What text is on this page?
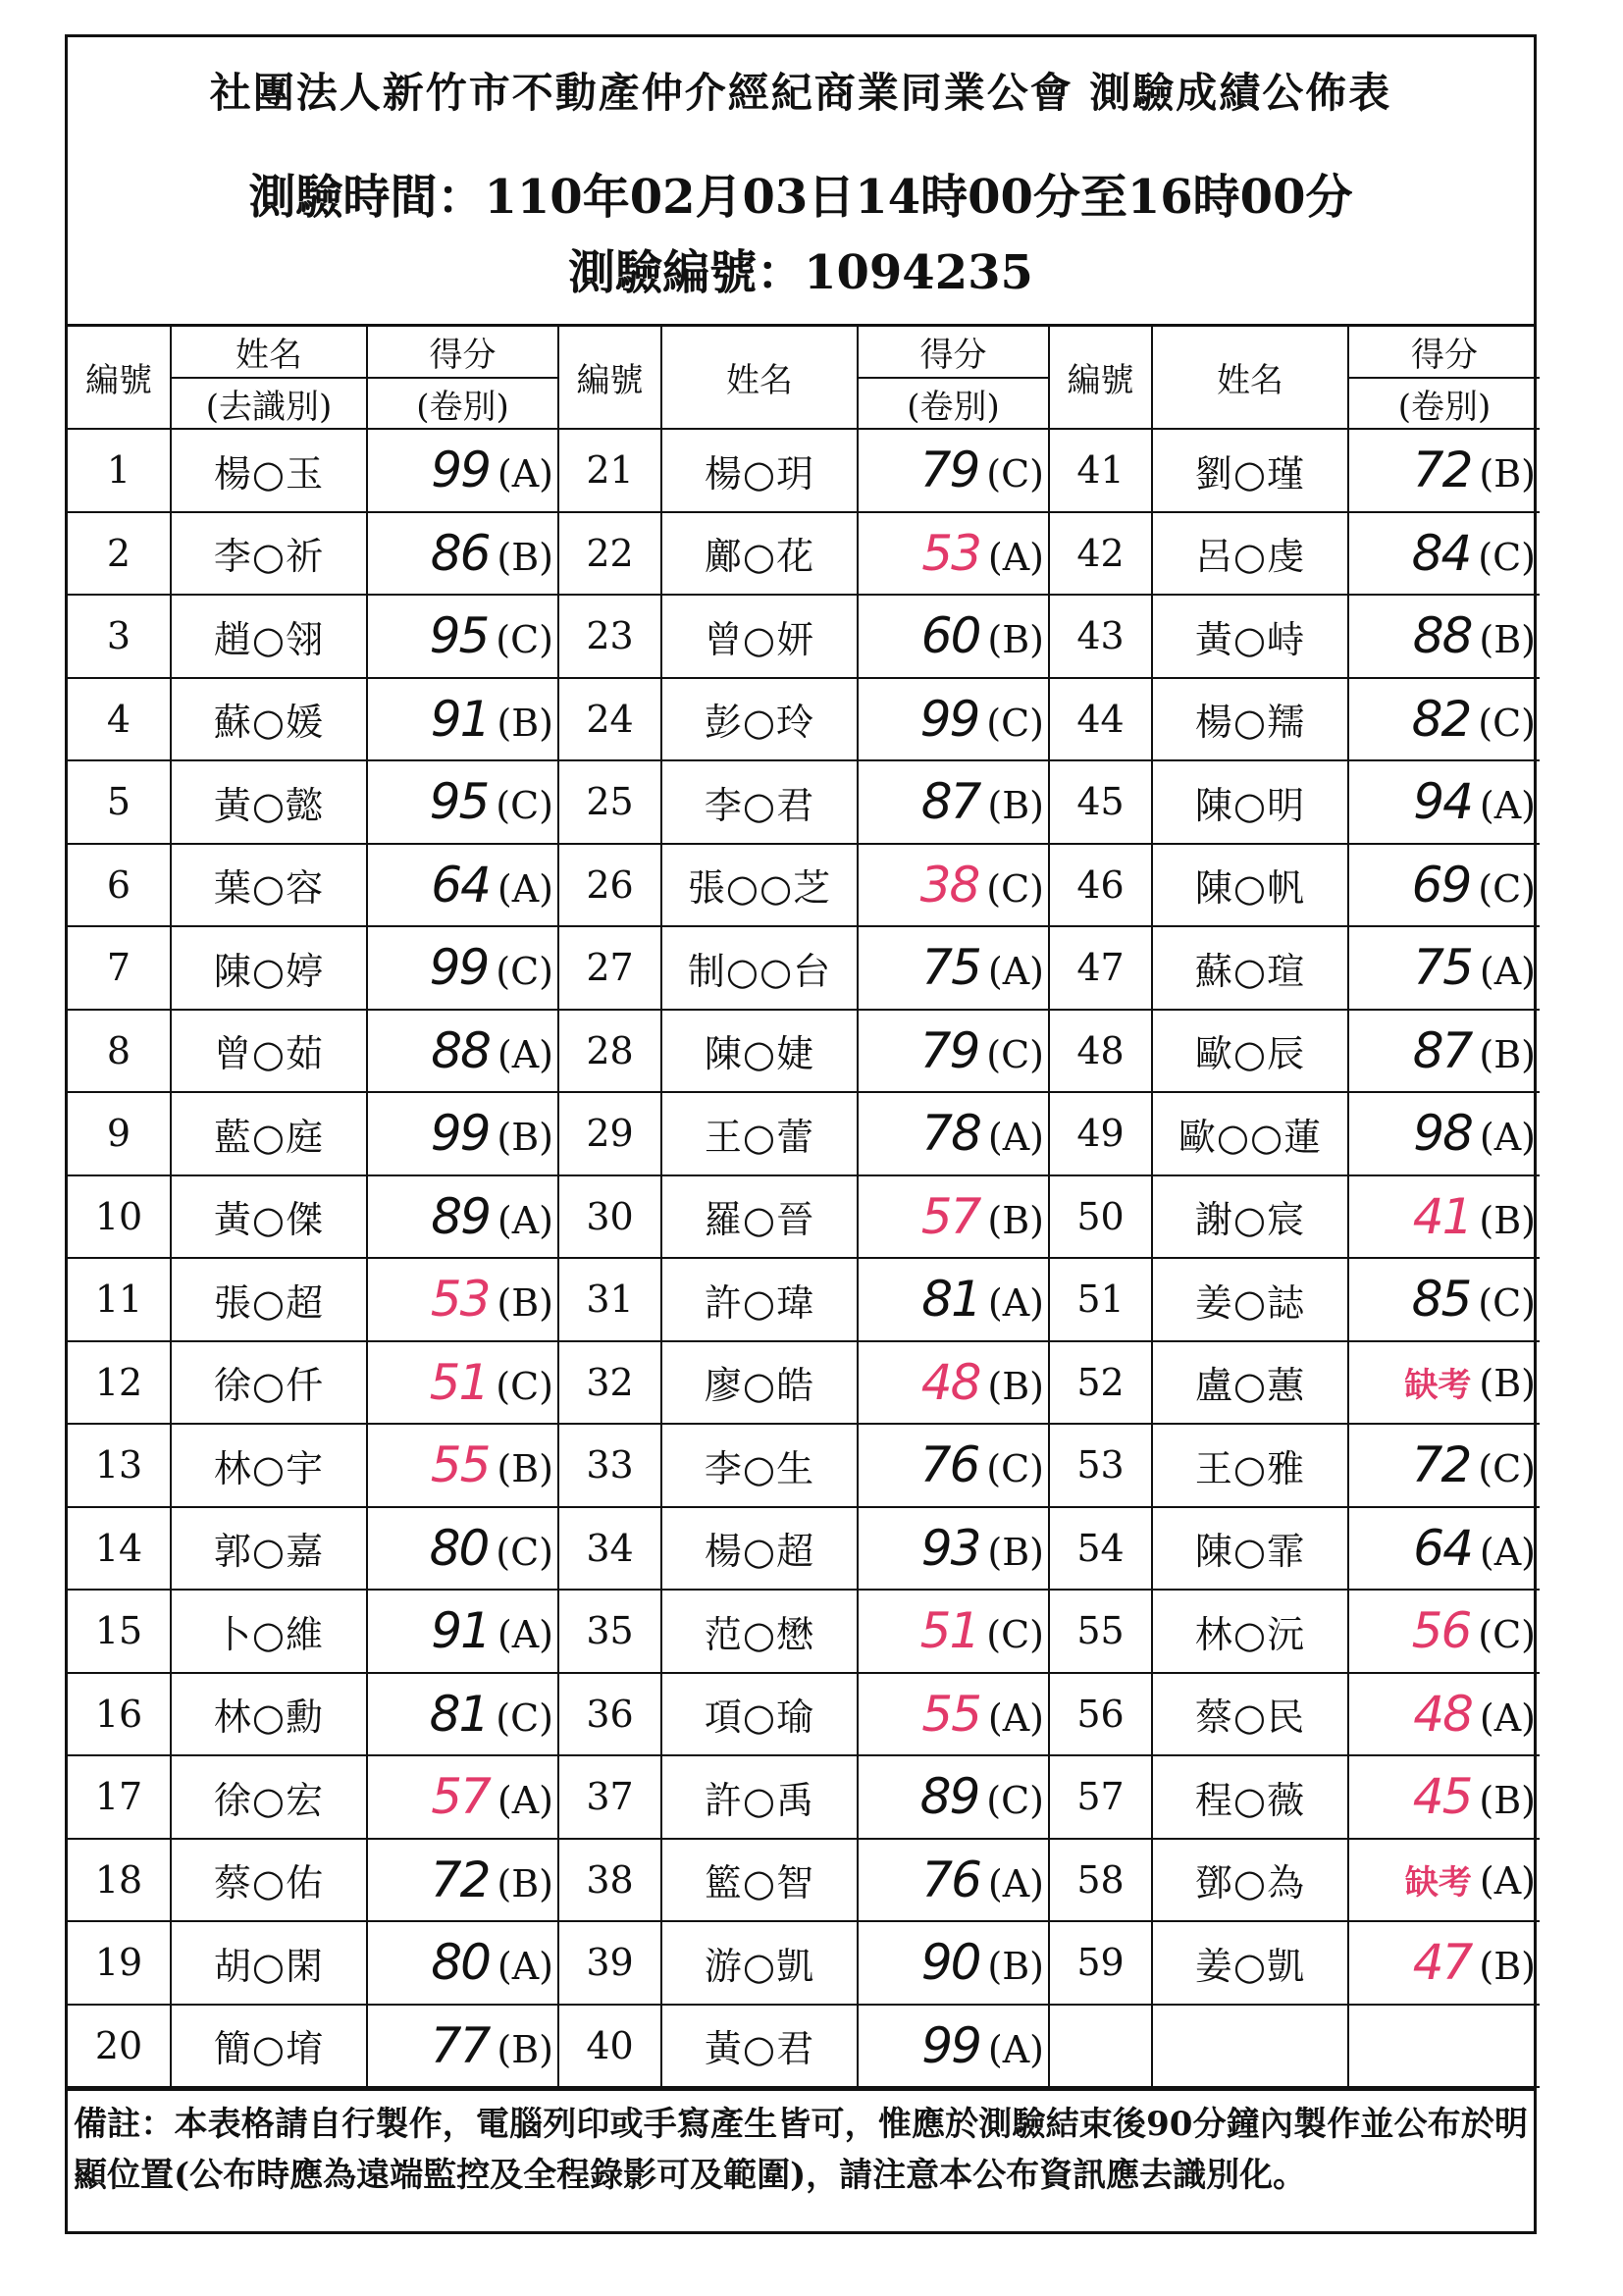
社團法人新竹市不動產仲介經紀商業同業公會 測驗成績公佈表
測驗時間：110年02月03日14時00分至16時00分
測驗編號：1094235
編號	姓名	得分	編號	姓名	得分	編號	姓名	得分
	(去識別)	(卷別)			(卷別)			(卷別)
1	楊○玉	99 (A)	21	楊○玥	79 (C)	41	劉○瑾	72 (B)
2	李○祈	86 (B)	22	鄺○花	53 (A)	42	呂○虔	84 (C)
3	趙○翎	95 (C)	23	曾○妍	60 (B)	43	黃○峙	88 (B)
4	蘇○媛	91 (B)	24	彭○玲	99 (C)	44	楊○羺	82 (C)
5	黃○懿	95 (C)	25	李○君	87 (B)	45	陳○明	94 (A)
6	葉○容	64 (A)	26	張○○芝	38 (C)	46	陳○帆	69 (C)
7	陳○婷	99 (C)	27	制○○台	75 (A)	47	蘇○瑄	75 (A)
8	曾○茹	88 (A)	28	陳○婕	79 (C)	48	歐○辰	87 (B)
9	藍○庭	99 (B)	29	王○蕾	78 (A)	49	歐○○蓮	98 (A)
10	黃○傑	89 (A)	30	羅○晉	57 (B)	50	謝○宸	41 (B)
11	張○超	53 (B)	31	許○瑋	81 (A)	51	姜○誌	85 (C)
12	徐○仟	51 (C)	32	廖○皓	48 (B)	52	盧○蕙	缺考 (B)
13	林○宇	55 (B)	33	李○生	76 (C)	53	王○雅	72 (C)
14	郭○嘉	80 (C)	34	楊○超	93 (B)	54	陳○霏	64 (A)
15	卜○維	91 (A)	35	范○懋	51 (C)	55	林○沅	56 (C)
16	林○勳	81 (C)	36	項○瑜	55 (A)	56	蔡○民	48 (A)
17	徐○宏	57 (A)	37	許○禹	89 (C)	57	程○薇	45 (B)
18	蔡○佑	72 (B)	38	籃○智	76 (A)	58	鄧○為	缺考 (A)
19	胡○閑	80 (A)	39	游○凱	90 (B)	59	姜○凱	47 (B)
20	簡○堉	77 (B)	40	黃○君	99 (A)			
備註：本表格請自行製作，電腦列印或手寫產生皆可，惟應於測驗結束後90分鐘內製作並公布於明顯位置(公布時應為遠端監控及全程錄影可及範圍)，請注意本公布資訊應去識別化。
